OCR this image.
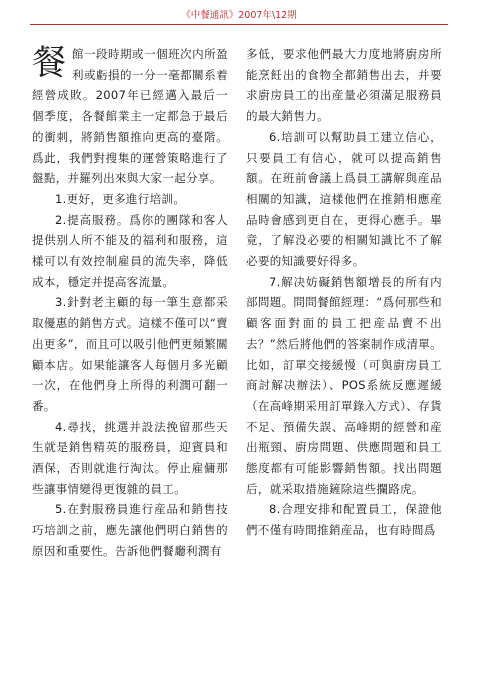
《中餐通訊》2007年\12期

餐館一段時期或一個班次内所盈利或虧損的一分一毫都關系着經營成敗。2007年已經邁入最后一個季度，各餐館業主一定都急于最后的衝刺，將銷售額推向更高的臺階。爲此，我們對搜集的運營策略進行了盤點，并羅列出來與大家一起分享。

1.更好，更多進行培訓。

2.提高服務。爲你的團隊和客人提供别人所不能及的福利和服務，這樣可以有效控制雇員的流失率，降低成本，穩定并提高客流量。

3.針對老主顧的每一筆生意都采取優惠的銷售方式。這樣不僅可以“賣出更多”，而且可以吸引他們更頻繁關顧本店。如果能讓客人每個月多光顧一次，在他們身上所得的利潤可翻一番。

4.尋找，挑選并設法挽留那些天生就是銷售精英的服務員，迎賓員和酒保，否則就進行淘汰。停止雇傭那些讓事情變得更復雜的員工。

5.在對服務員進行産品和銷售技巧培訓之前，應先讓他們明白銷售的原因和重要性。告訴他們餐廳利潤有

多低，要求他們最大力度地將廚房所能烹飪出的食物全都銷售出去，并要求廚房員工的出産量必須滿足服務員的最大銷售力。

6.培訓可以幫助員工建立信心，只要員工有信心，就可以提高銷售額。在班前會議上爲員工講解與産品相關的知識，這樣他們在推銷相應産品時會感到更自在，更得心應手。畢竟，了解没必要的相關知識比不了解必要的知識要好得多。

7.解决妨礙銷售額增長的所有内部問題。問問餐館經理：“爲何那些和顧客面對面的員工把産品賣不出去？”然后將他們的答案制作成清單。比如，訂單交接緩慢（可與廚房員工商討解决辦法）、POS系統反應遲緩（在高峰期采用訂單錄入方式）、存貨不足、預備失誤、高峰期的經營和産出瓶頸、廚房問題、供應問題和員工態度都有可能影響銷售額。找出問題后，就采取措施鏟除這些攔路虎。

8.合理安排和配置員工，保證他們不僅有時間推銷産品，也有時間爲
